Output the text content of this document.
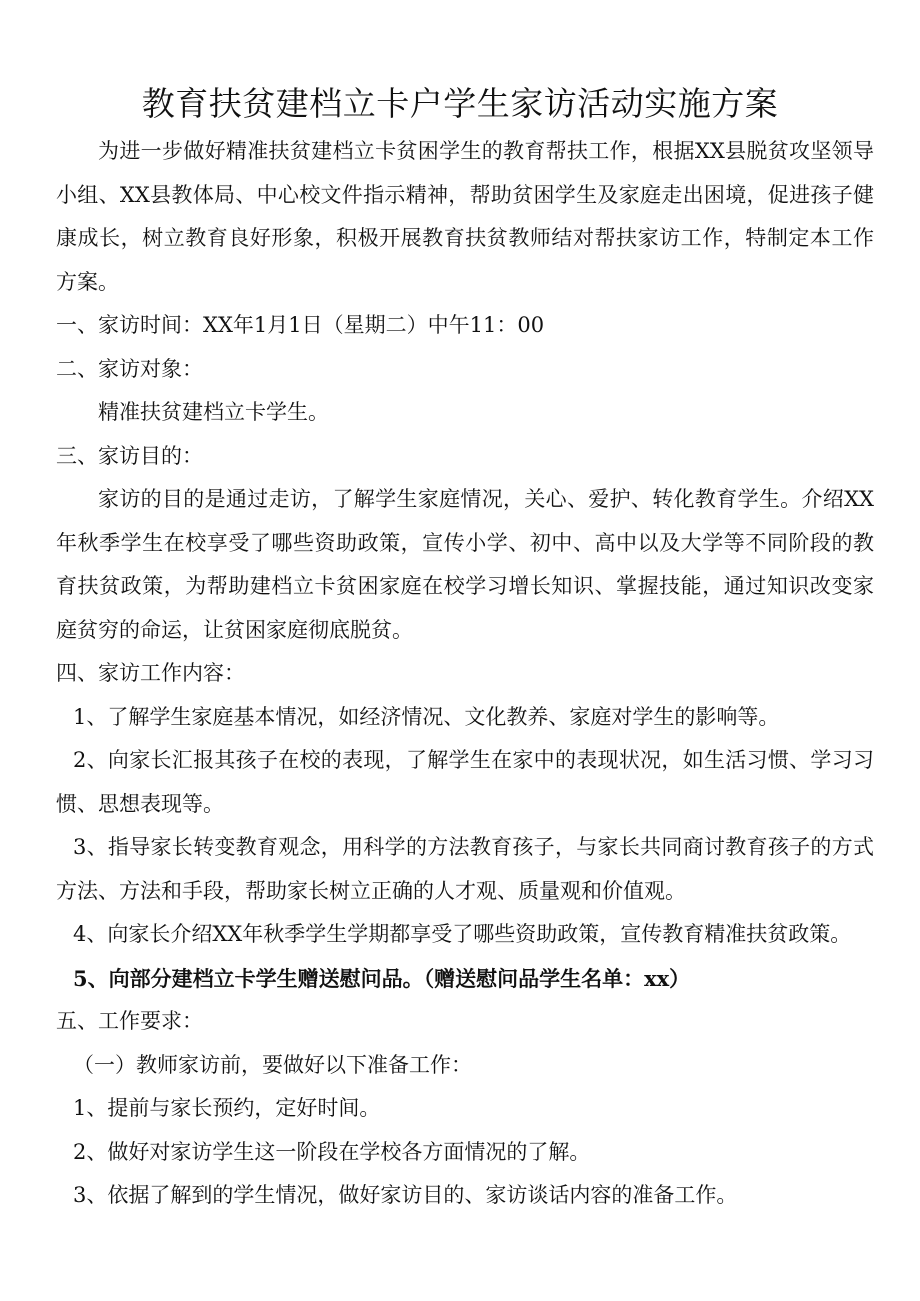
教育扶贫建档立卡户学生家访活动实施方案

为进一步做好精准扶贫建档立卡贫困学生的教育帮扶工作，根据XX县脱贫攻坚领导小组、XX县教体局、中心校文件指示精神，帮助贫困学生及家庭走出困境，促进孩子健康成长，树立教育良好形象，积极开展教育扶贫教师结对帮扶家访工作，特制定本工作方案。

一、家访时间：XX年1月1日（星期二）中午11：00

二、家访对象：

精准扶贫建档立卡学生。

三、家访目的：

家访的目的是通过走访，了解学生家庭情况，关心、爱护、转化教育学生。介绍XX年秋季学生在校享受了哪些资助政策，宣传小学、初中、高中以及大学等不同阶段的教育扶贫政策，为帮助建档立卡贫困家庭在校学习增长知识、掌握技能，通过知识改变家庭贫穷的命运，让贫困家庭彻底脱贫。

四、家访工作内容：

1、了解学生家庭基本情况，如经济情况、文化教养、家庭对学生的影响等。

2、向家长汇报其孩子在校的表现，了解学生在家中的表现状况，如生活习惯、学习习惯、思想表现等。

3、指导家长转变教育观念，用科学的方法教育孩子，与家长共同商讨教育孩子的方式方法、方法和手段，帮助家长树立正确的人才观、质量观和价值观。

4、向家长介绍XX年秋季学生学期都享受了哪些资助政策，宣传教育精准扶贫政策。

5、向部分建档立卡学生赠送慰问品。（赠送慰问品学生名单：xx）

五、工作要求：

（一）教师家访前，要做好以下准备工作：

1、提前与家长预约，定好时间。

2、做好对家访学生这一阶段在学校各方面情况的了解。

3、依据了解到的学生情况，做好家访目的、家访谈话内容的准备工作。
